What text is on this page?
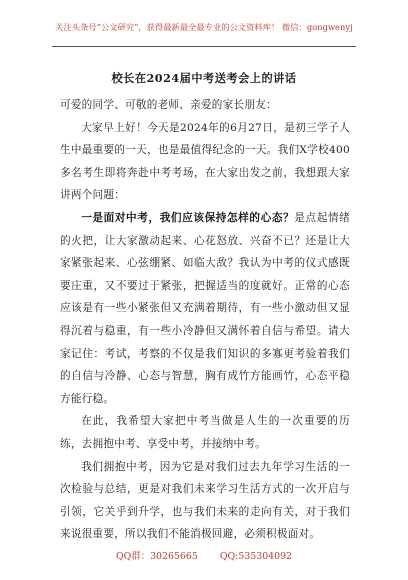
关注头条号“公文研究”，获得最新最全最专业的公文资料库！ 微信：gongwenyj
校长在2024届中考送考会上的讲话

可爱的同学、可敬的老师、亲爱的家长朋友：

大家早上好！今天是2024年的6月27日，是初三学子人生中最重要的一天，也是最值得纪念的一天。我们X学校400多名考生即将奔赴中考考场，在大家出发之前，我想跟大家讲两个问题：

一是面对中考，我们应该保持怎样的心态？是点起情绪的火把，让大家激动起来、心花怒放、兴奋不已？还是让大家紧张起来、心弦绷紧、如临大敌？我认为中考的仪式感既要庄重，又不要过于紧张，把握适当的度就好。正常的心态应该是有一些小紧张但又充满着期待，有一些小激动但又显得沉着与稳重，有一些小冷静但又满怀着自信与希望。请大家记住：考试，考察的不仅是我们知识的多寡更考验着我们的自信与冷静、心态与智慧，胸有成竹方能画竹，心态平稳方能行稳。

在此，我希望大家把中考当做是人生的一次重要的历练，去拥抱中考、享受中考，并接纳中考。

我们拥抱中考，因为它是对我们过去九年学习生活的一次检验与总结，更是对我们未来学习生活方式的一次开启与引领，它关乎到升学，也与我们未来的走向有关，对于我们来说很重要，所以我们不能消极回避，必须积极面对。

QQ群：30265665 QQ:535304092
